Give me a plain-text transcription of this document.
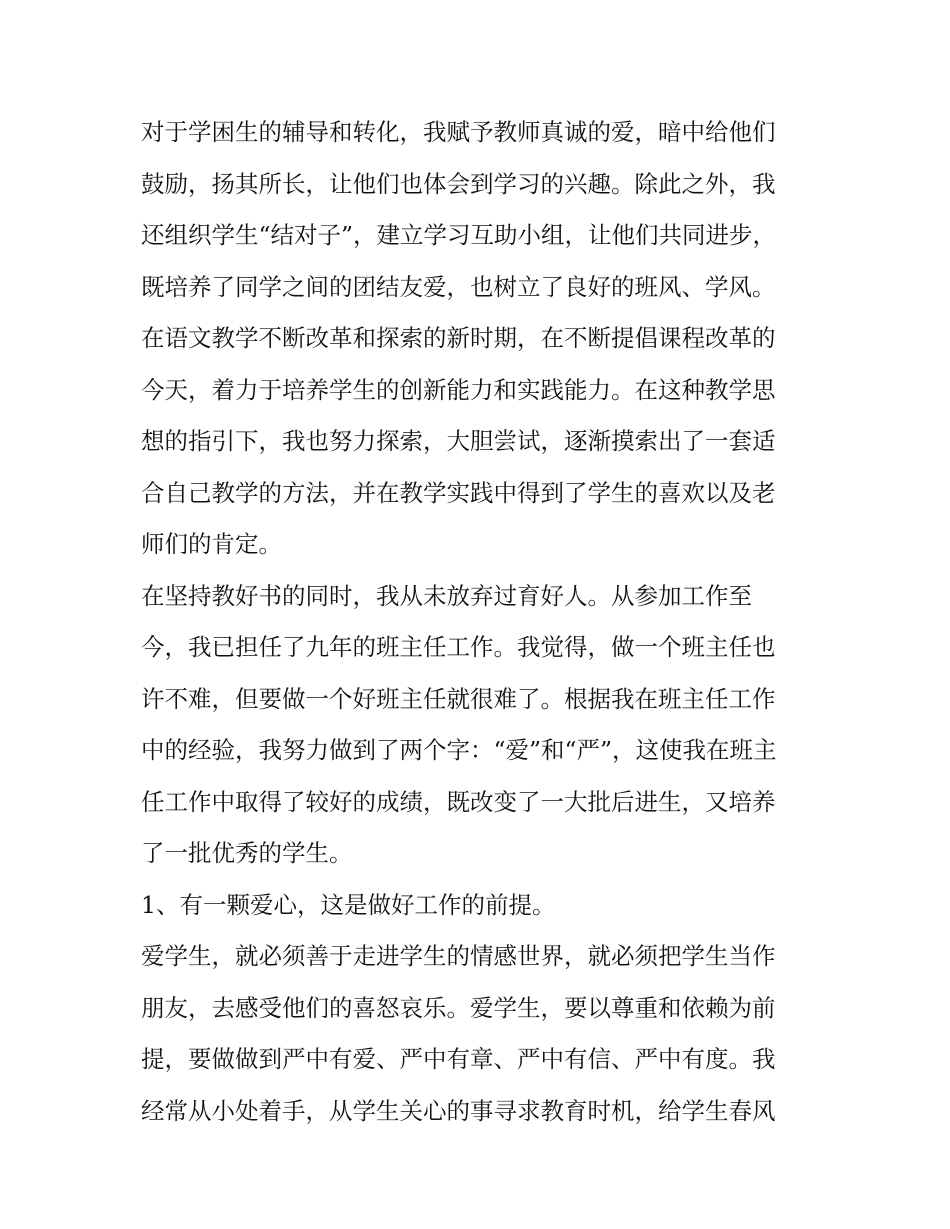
对于学困生的辅导和转化，我赋予教师真诚的爱，暗中给他们
鼓励，扬其所长，让他们也体会到学习的兴趣。除此之外，我
还组织学生“结对子”，建立学习互助小组，让他们共同进步，
既培养了同学之间的团结友爱，也树立了良好的班风、学风。
在语文教学不断改革和探索的新时期，在不断提倡课程改革的
今天，着力于培养学生的创新能力和实践能力。在这种教学思
想的指引下，我也努力探索，大胆尝试，逐渐摸索出了一套适
合自己教学的方法，并在教学实践中得到了学生的喜欢以及老
师们的肯定。
在坚持教好书的同时，我从未放弃过育好人。从参加工作至
今，我已担任了九年的班主任工作。我觉得，做一个班主任也
许不难，但要做一个好班主任就很难了。根据我在班主任工作
中的经验，我努力做到了两个字：“爱”和“严”，这使我在班主
任工作中取得了较好的成绩，既改变了一大批后进生，又培养
了一批优秀的学生。
1、有一颗爱心，这是做好工作的前提。
爱学生，就必须善于走进学生的情感世界，就必须把学生当作
朋友，去感受他们的喜怒哀乐。爱学生，要以尊重和依赖为前
提，要做做到严中有爱、严中有章、严中有信、严中有度。我
经常从小处着手，从学生关心的事寻求教育时机，给学生春风
